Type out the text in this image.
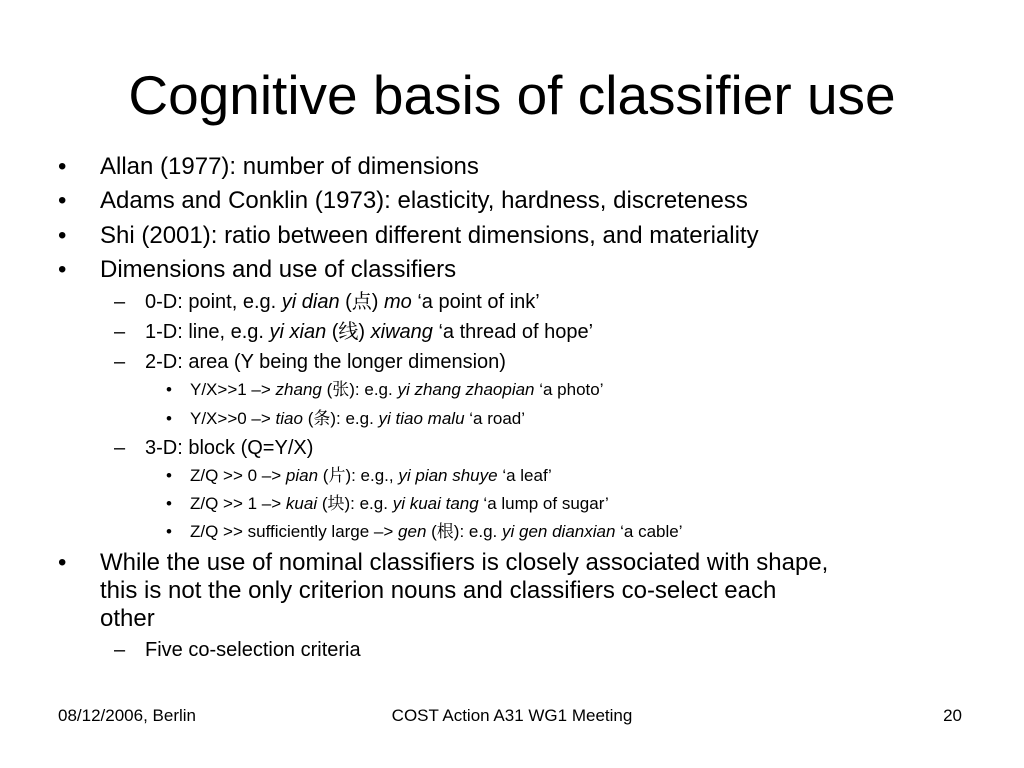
Cognitive basis of classifier use
• Allan (1977): number of dimensions
• Adams and Conklin (1973): elasticity, hardness, discreteness
• Shi (2001): ratio between different dimensions, and materiality
• Dimensions and use of classifiers
– 0-D: point, e.g. yi dian (点) mo ‘a point of ink’
– 1-D: line, e.g. yi xian (线) xiwang ‘a thread of hope’
– 2-D: area (Y being the longer dimension)
• Y/X>>1 –> zhang (张): e.g. yi zhang zhaopian ‘a photo’
• Y/X>>0 –> tiao (条): e.g. yi tiao malu ‘a road’
– 3-D: block (Q=Y/X)
• Z/Q >> 0 –> pian (片): e.g., yi pian shuye ‘a leaf’
• Z/Q >> 1 –> kuai (块): e.g. yi kuai tang ‘a lump of sugar’
• Z/Q >> sufficiently large –> gen (根): e.g. yi gen dianxian ‘a cable’
• While the use of nominal classifiers is closely associated with shape,
this is not the only criterion nouns and classifiers co-select each
other
– Five co-selection criteria
08/12/2006, Berlin	COST Action A31 WG1 Meeting	20
